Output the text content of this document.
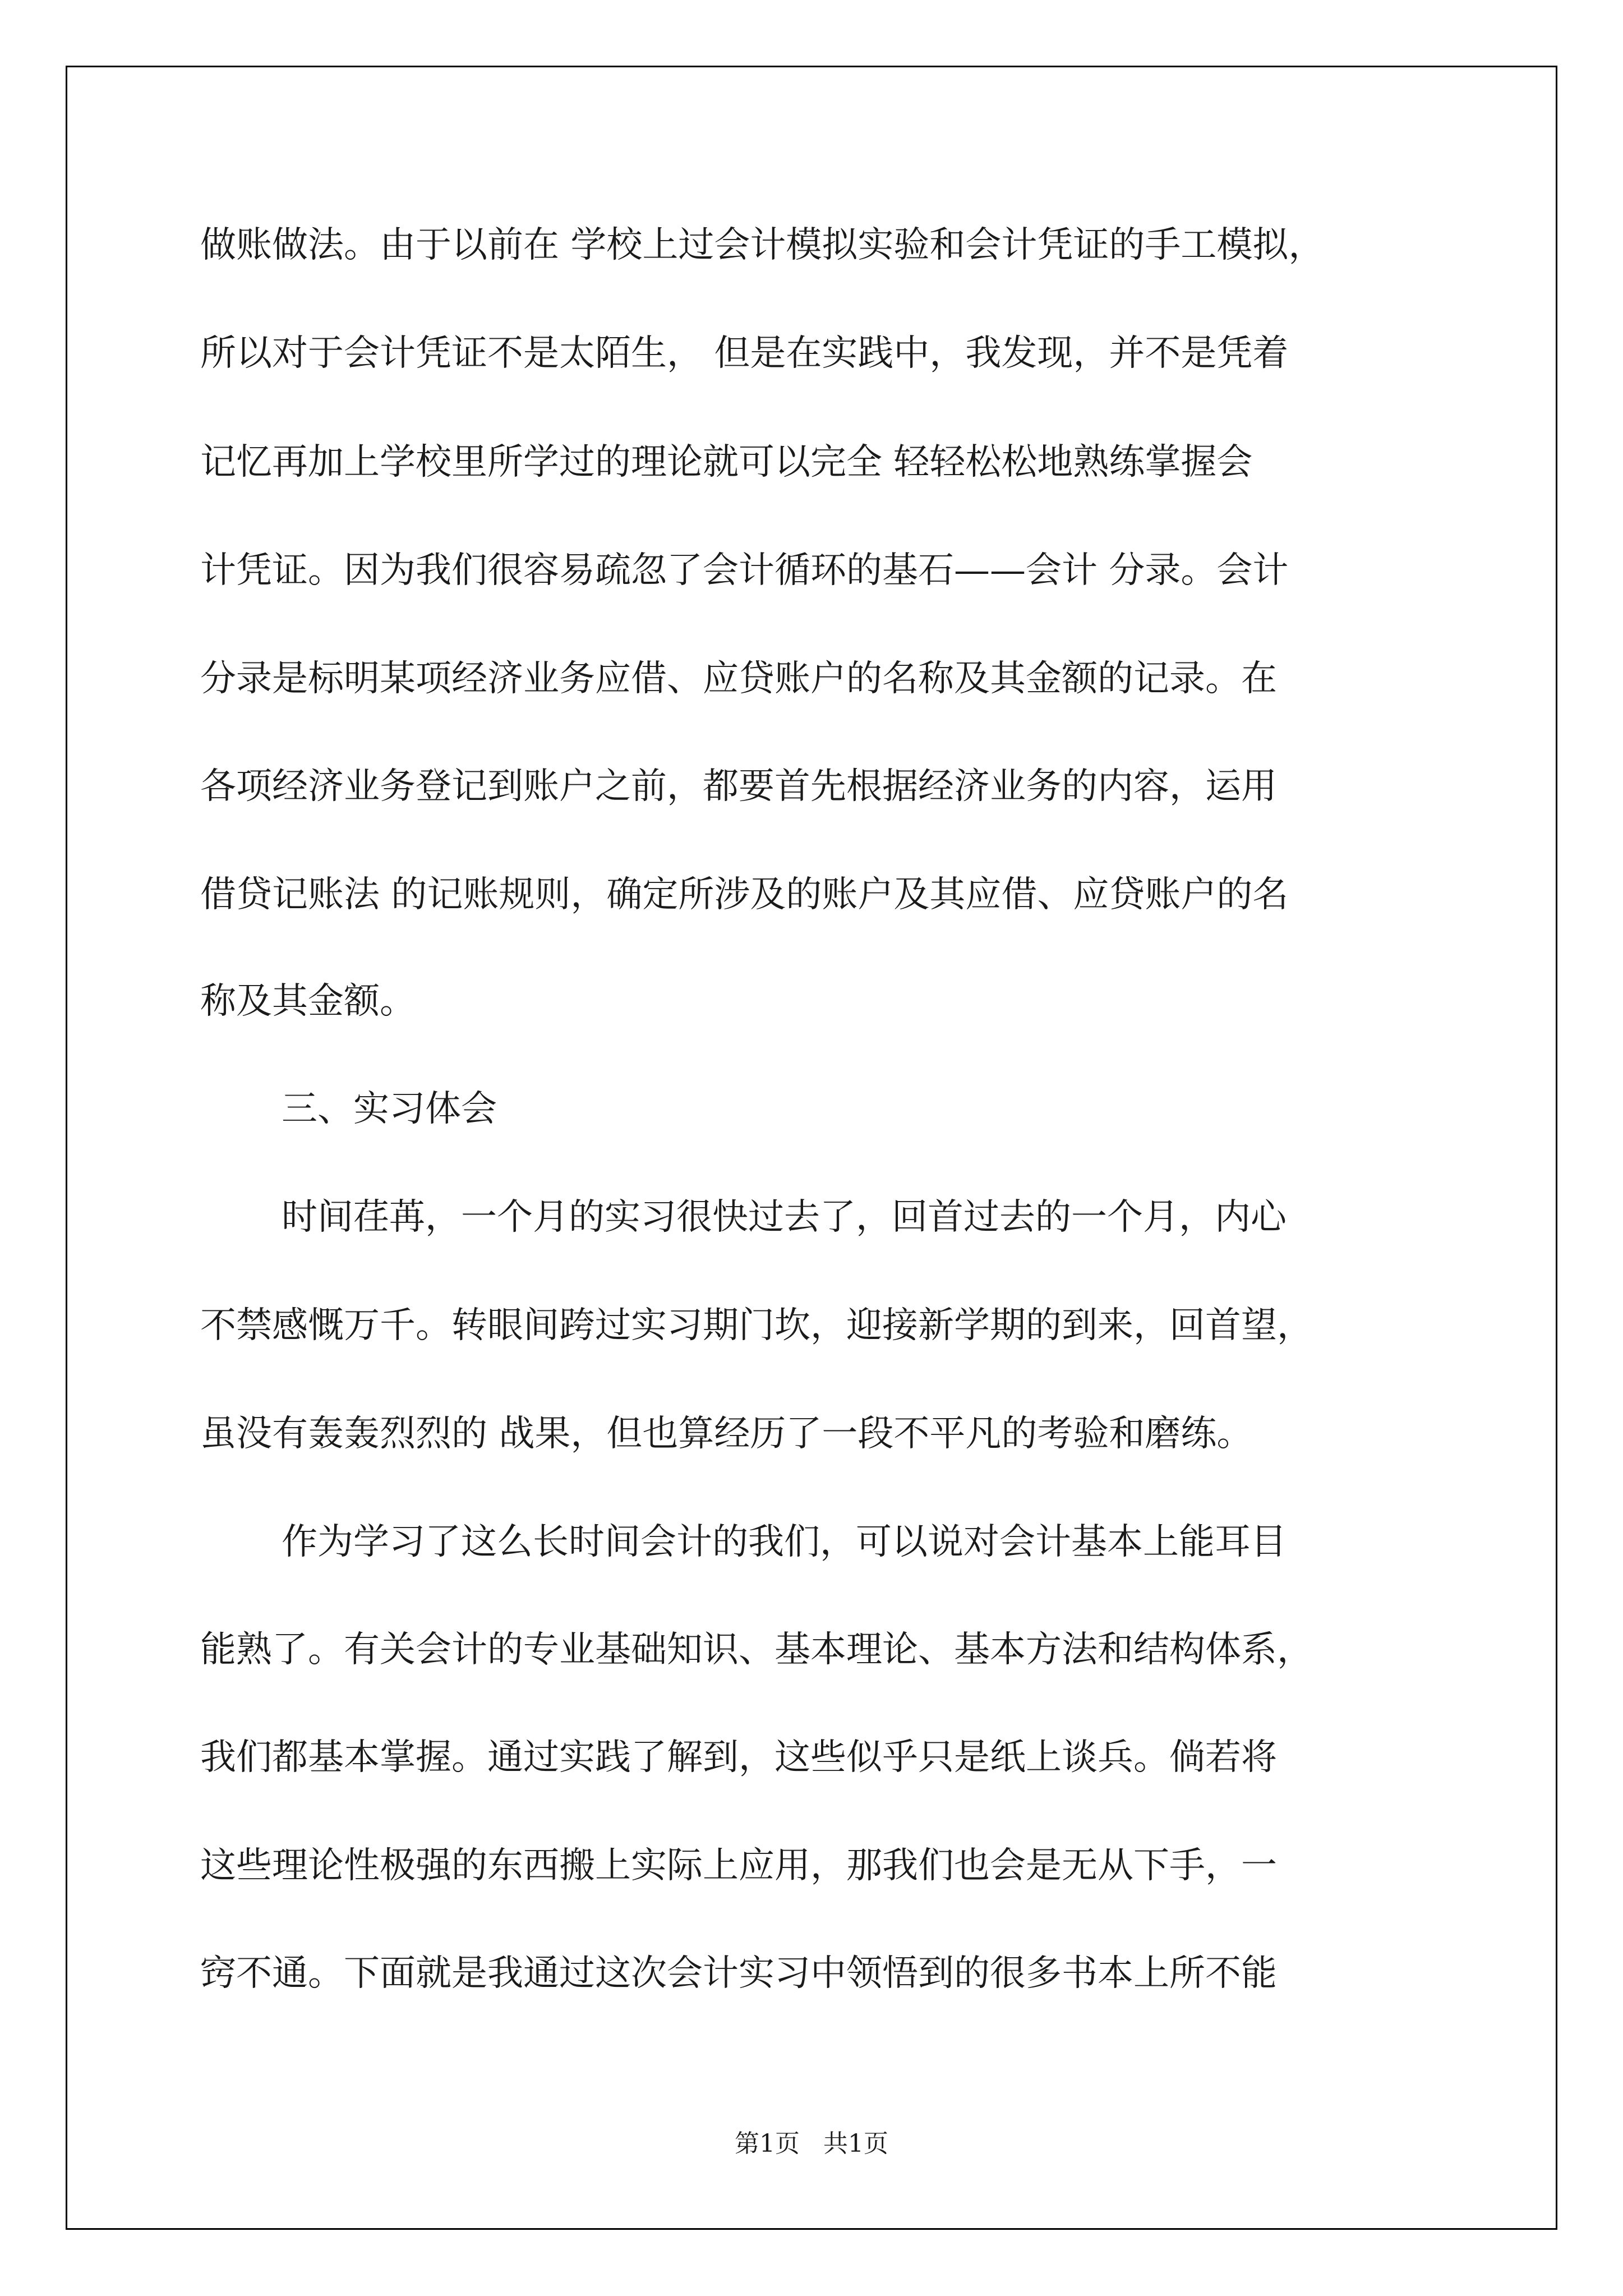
做账做法。由于以前在 学校上过会计模拟实验和会计凭证的手工模拟，
所以对于会计凭证不是太陌生， 但是在实践中，我发现，并不是凭着
记忆再加上学校里所学过的理论就可以完全 轻轻松松地熟练掌握会
计凭证。因为我们很容易疏忽了会计循环的基石——会计 分录。会计
分录是标明某项经济业务应借、应贷账户的名称及其金额的记录。在
各项经济业务登记到账户之前，都要首先根据经济业务的内容，运用
借贷记账法 的记账规则，确定所涉及的账户及其应借、应贷账户的名
称及其金额。
三、实习体会
时间荏苒，一个月的实习很快过去了，回首过去的一个月，内心
不禁感慨万千。转眼间跨过实习期门坎，迎接新学期的到来，回首望，
虽没有轰轰烈烈的 战果，但也算经历了一段不平凡的考验和磨练。
作为学习了这么长时间会计的我们，可以说对会计基本上能耳目
能熟了。有关会计的专业基础知识、基本理论、基本方法和结构体系，
我们都基本掌握。通过实践了解到，这些似乎只是纸上谈兵。倘若将
这些理论性极强的东西搬上实际上应用，那我们也会是无从下手，一
窍不通。下面就是我通过这次会计实习中领悟到的很多书本上所不能
第1页   共1页
